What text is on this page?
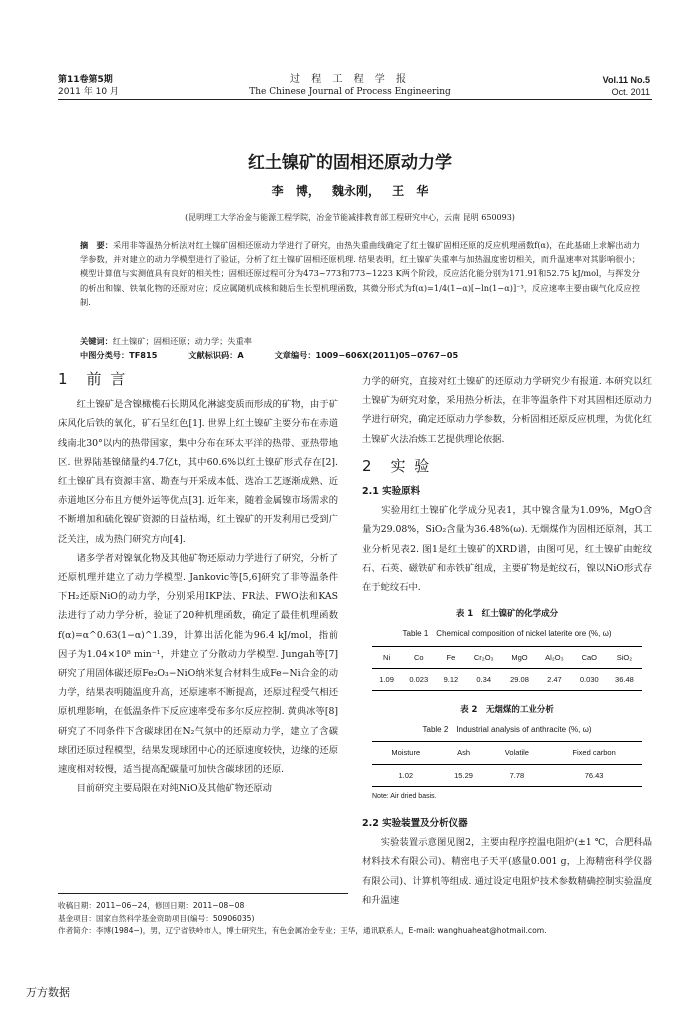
第11卷第5期
2011 年 10 月
过 程 工 程 学 报
The Chinese Journal of Process Engineering
Vol.11 No.5
Oct. 2011
红土镍矿的固相还原动力学
李 博， 魏永刚， 王 华
(昆明理工大学冶金与能源工程学院，冶金节能减排教育部工程研究中心，云南 昆明 650093)
摘　要：采用非等温热分析法对红土镍矿固相还原动力学进行了研究，由热失重曲线确定了红土镍矿固相还原的反应机理函数f(α)，在此基础上求解出动力学参数，并对建立的动力学模型进行了验证，分析了红土镍矿固相还原机理. 结果表明，红土镍矿失重率与加热温度密切相关，而升温速率对其影响很小；模型计算值与实测值具有良好的相关性；固相还原过程可分为473~773和773~1223 K两个阶段，反应活化能分别为171.91和52.75 kJ/mol，与挥发分的析出和镍、铁氧化物的还原对应；反应属随机成核和随后生长型机理函数，其微分形式为f(α)=1/4(1−α)[−ln(1−α)]⁻³，反应速率主要由碳气化反应控制.
关键词：红土镍矿；固相还原；动力学；失重率
中图分类号：TF815	文献标识码：A	文章编号：1009−606X(2011)05−0767−05
1　前 言
　　红土镍矿是含镍橄榄石长期风化淋滤变质而形成的矿物，由于矿床风化后铁的氧化，矿石呈红色[1]. 世界上红土镍矿主要分布在赤道线南北30°以内的热带国家，集中分布在环太平洋的热带、亚热带地区. 世界陆基镍储量约4.7亿t，其中60.6%以红土镍矿形式存在[2]. 红土镍矿具有资源丰富、勘查与开采成本低、选冶工艺逐渐成熟、近赤道地区分布且方便外运等优点[3]. 近年来，随着金属镍市场需求的不断增加和硫化镍矿资源的日益枯竭，红土镍矿的开发利用已受到广泛关注，成为热门研究方向[4].
　　诸多学者对镍氧化物及其他矿物还原动力学进行了研究，分析了还原机理并建立了动力学模型. Jankovic等[5,6]研究了非等温条件下H₂还原NiO的动力学，分别采用IKP法、FR法、FWO法和KAS法进行了动力学分析，验证了20种机理函数，确定了最佳机理函数f(α)=α^0.63(1−α)^1.39，计算出活化能为96.4 kJ/mol，指前因子为1.04×10⁸ min⁻¹，并建立了分散动力学模型. Jungah等[7]研究了用固体碳还原Fe₂O₃−NiO纳米复合材料生成Fe−Ni合金的动力学，结果表明随温度升高，还原速率不断提高，还原过程受气相还原机理影响，在低温条件下反应速率受布多尔反应控制. 黄典冰等[8]研究了不同条件下含碳球团在N₂气氛中的还原动力学，建立了含碳球团还原过程模型，结果发现球团中心的还原速度较快，边缘的还原速度相对较慢，适当提高配碳量可加快含碳球团的还原.
　　目前研究主要局限在对纯NiO及其他矿物还原动
力学的研究，直接对红土镍矿的还原动力学研究少有报道. 本研究以红土镍矿为研究对象，采用热分析法，在非等温条件下对其固相还原动力学进行研究，确定还原动力学参数，分析固相还原反应机理，为优化红土镍矿火法冶炼工艺提供理论依据.
2　实 验
2.1 实验原料
　　实验用红土镍矿化学成分见表1，其中镍含量为1.09%，MgO含量为29.08%，SiO₂含量为36.48%(ω). 无烟煤作为固相还原剂，其工业分析见表2. 图1是红土镍矿的XRD谱，由图可见，红土镍矿由蛇纹石、石英、磁铁矿和赤铁矿组成，主要矿物是蛇纹石，镍以NiO形式存在于蛇纹石中.
表 1　红土镍矿的化学成分
Table 1　Chemical composition of nickel laterite ore (%, ω)
Ni	Co	Fe	Cr₂O₃	MgO	Al₂O₃	CaO	SiO₂
1.09	0.023	9.12	0.34	29.08	2.47	0.030	36.48
表 2　无烟煤的工业分析
Table 2　Industrial analysis of anthracite (%, ω)
Moisture	Ash	Volatile	Fixed carbon
1.02	15.29	7.78	76.43
Note: Air dried basis.
2.2 实验装置及分析仪器
　　实验装置示意图见图2，主要由程序控温电阻炉(±1 ℃，合肥科晶材料技术有限公司)、精密电子天平(感量0.001 g，上海精密科学仪器有限公司)、计算机等组成. 通过设定电阻炉技术参数精确控制实验温度和升温速
收稿日期：2011−06−24，修回日期：2011−08−08
基金项目：国家自然科学基金资助项目(编号：50906035)
作者简介：李博(1984−)，男，辽宁省铁岭市人，博士研究生，有色金属冶金专业；王华，通讯联系人，E-mail: wanghuaheat@hotmail.com.
万方数据
